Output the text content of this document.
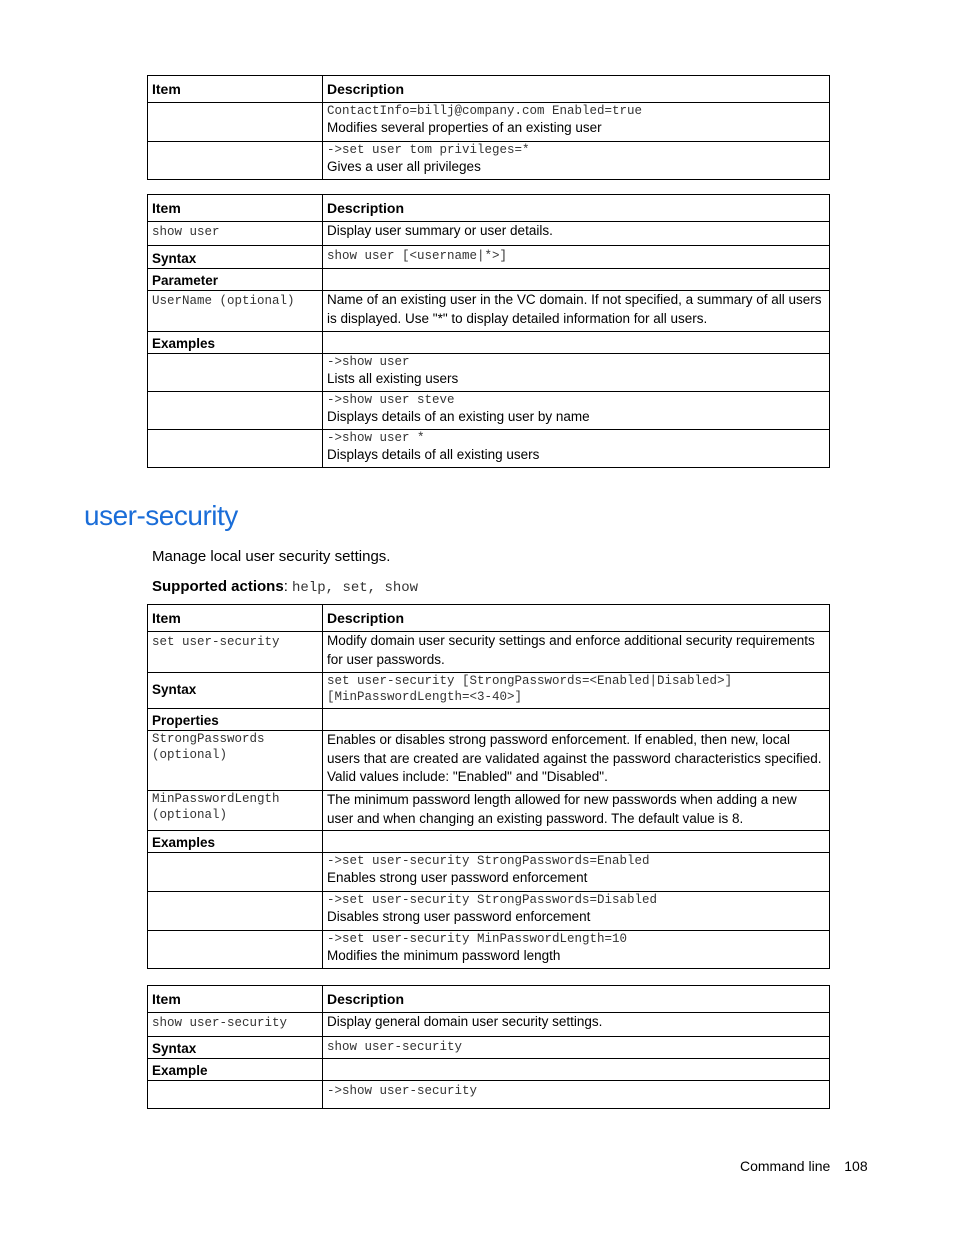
Item	Description

	ContactInfo=billj@company.com Enabled=true
Modifies several properties of an existing user

	->set user tom privileges=*
Gives a user all privileges
Item	Description
show user	Display user summary or user details.
Syntax	show user [<username|*>]
Parameter	
UserName (optional)	Name of an existing user in the VC domain. If not specified, a summary of all users is displayed. Use "*" to display detailed information for all users.
Examples	

	->show user
Lists all existing users

	->show user steve
Displays details of an existing user by name

	->show user *
Displays details of all existing users
user-security
Manage local user security settings.
Supported actions: help, set, show
Item	Description
set user-security	Modify domain user security settings and enforce additional security requirements for user passwords.
Syntax	set user-security [StrongPasswords=<Enabled|Disabled>]
[MinPasswordLength=<3-40>]

Properties	

StrongPasswords
(optional)	Enables or disables strong password enforcement. If enabled, then new, local users that are created are validated against the password characteristics specified. Valid values include: "Enabled" and "Disabled".

MinPasswordLength
(optional)	The minimum password length allowed for new passwords when adding a new user and when changing an existing password. The default value is 8.
Examples	

	->set user-security StrongPasswords=Enabled
Enables strong user password enforcement

	->set user-security StrongPasswords=Disabled
Disables strong user password enforcement

	->set user-security MinPasswordLength=10
Modifies the minimum password length
Item	Description
show user-security	Display general domain user security settings.
Syntax	show user-security
Example	
	->show user-security
Command line 108
